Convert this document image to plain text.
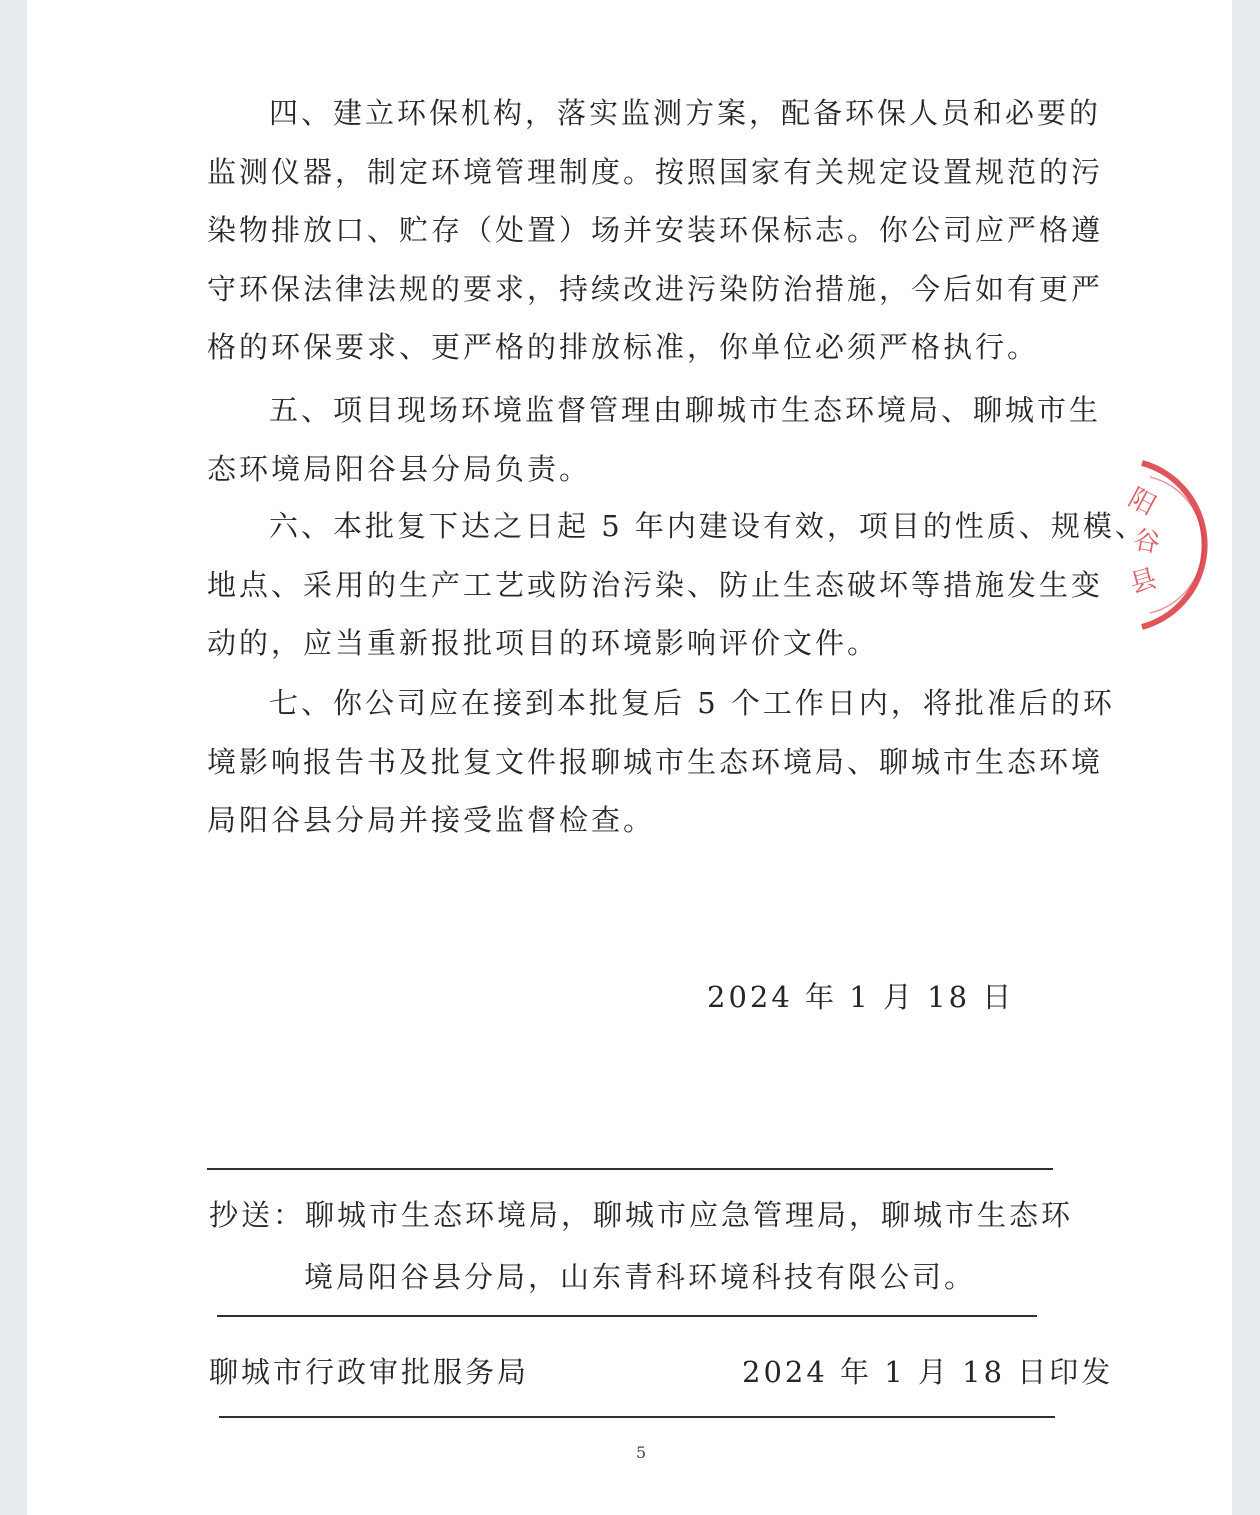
四、建立环保机构，落实监测方案，配备环保人员和必要的
监测仪器，制定环境管理制度。按照国家有关规定设置规范的污
染物排放口、贮存（处置）场并安装环保标志。你公司应严格遵
守环保法律法规的要求，持续改进污染防治措施，今后如有更严
格的环保要求、更严格的排放标准，你单位必须严格执行。
五、项目现场环境监督管理由聊城市生态环境局、聊城市生
态环境局阳谷县分局负责。
六、本批复下达之日起 5 年内建设有效，项目的性质、规模、
地点、采用的生产工艺或防治污染、防止生态破坏等措施发生变
动的，应当重新报批项目的环境影响评价文件。
七、你公司应在接到本批复后 5 个工作日内，将批准后的环
境影响报告书及批复文件报聊城市生态环境局、聊城市生态环境
局阳谷县分局并接受监督检查。
2024 年 1 月 18 日
抄送：聊城市生态环境局，聊城市应急管理局，聊城市生态环
境局阳谷县分局，山东青科环境科技有限公司。
聊城市行政审批服务局	2024 年 1 月 18 日印发
5
阳
谷
县
